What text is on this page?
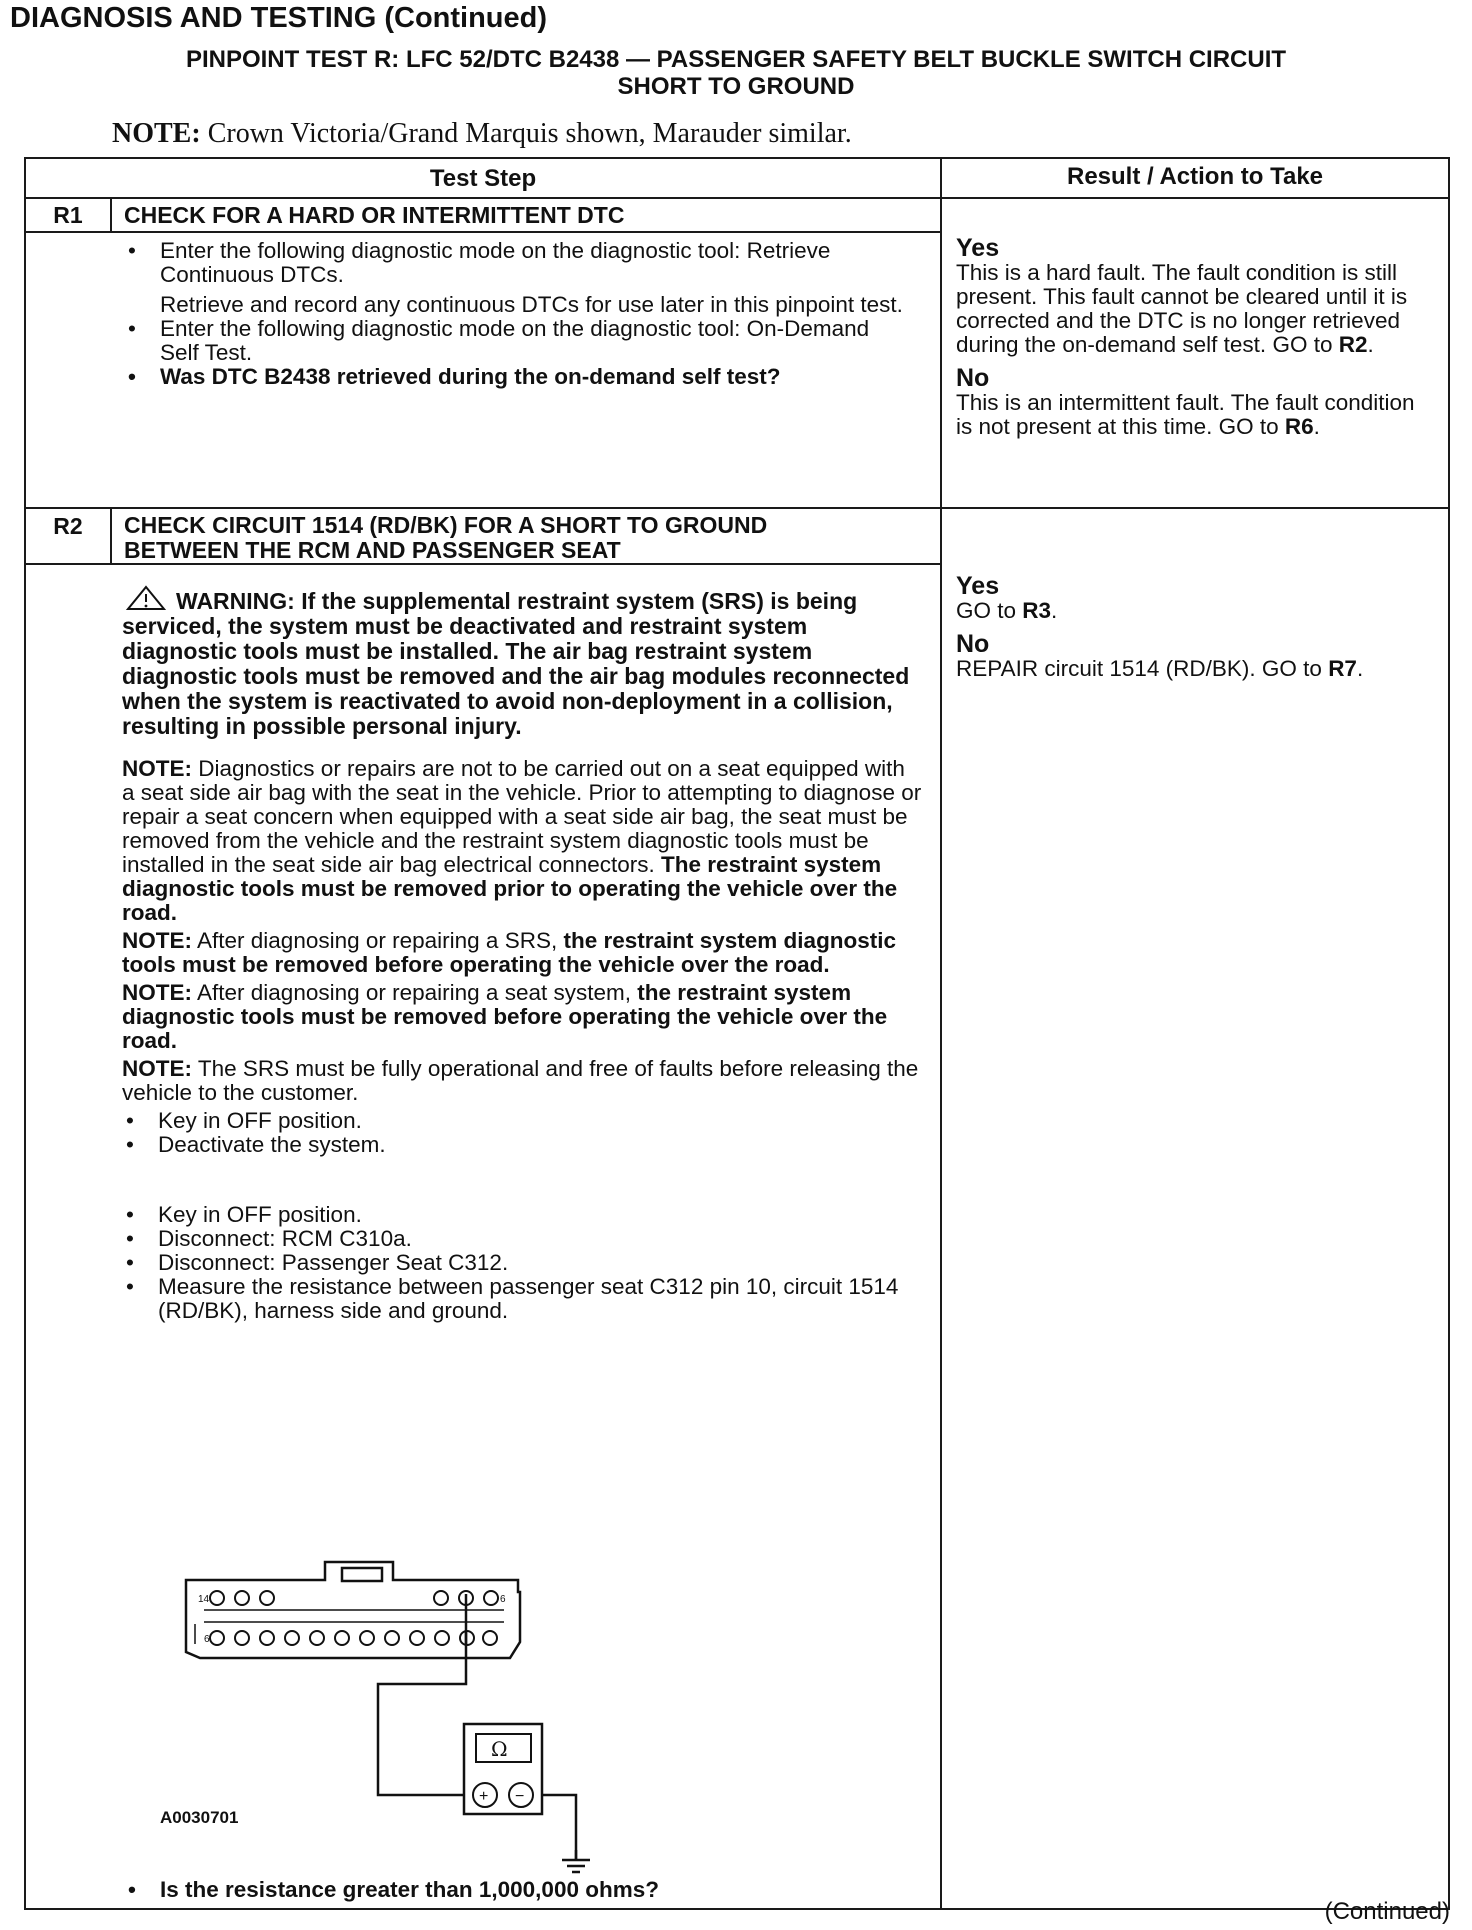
DIAGNOSIS AND TESTING (Continued)
PINPOINT TEST R: LFC 52/DTC B2438 — PASSENGER SAFETY BELT BUCKLE SWITCH CIRCUIT
SHORT TO GROUND
NOTE: Crown Victoria/Grand Marquis shown, Marauder similar.
Test Step	Result / Action to Take
R1	CHECK FOR A HARD OR INTERMITTENT DTC
• Enter the following diagnostic mode on the diagnostic tool: Retrieve Continuous DTCs.
Retrieve and record any continuous DTCs for use later in this pinpoint test.
• Enter the following diagnostic mode on the diagnostic tool: On-Demand Self Test.
• Was DTC B2438 retrieved during the on-demand self test?
Yes
This is a hard fault. The fault condition is still present. This fault cannot be cleared until it is corrected and the DTC is no longer retrieved during the on-demand self test. GO to R2.
No
This is an intermittent fault. The fault condition is not present at this time. GO to R6.
R2	CHECK CIRCUIT 1514 (RD/BK) FOR A SHORT TO GROUND
BETWEEN THE RCM AND PASSENGER SEAT
WARNING: If the supplemental restraint system (SRS) is being serviced, the system must be deactivated and restraint system diagnostic tools must be installed. The air bag restraint system diagnostic tools must be removed and the air bag modules reconnected when the system is reactivated to avoid non-deployment in a collision, resulting in possible personal injury.
NOTE: Diagnostics or repairs are not to be carried out on a seat equipped with a seat side air bag with the seat in the vehicle. Prior to attempting to diagnose or repair a seat concern when equipped with a seat side air bag, the seat must be removed from the vehicle and the restraint system diagnostic tools must be installed in the seat side air bag electrical connectors. The restraint system diagnostic tools must be removed prior to operating the vehicle over the road.
NOTE: After diagnosing or repairing a SRS, the restraint system diagnostic tools must be removed before operating the vehicle over the road.
NOTE: After diagnosing or repairing a seat system, the restraint system diagnostic tools must be removed before operating the vehicle over the road.
NOTE: The SRS must be fully operational and free of faults before releasing the vehicle to the customer.
• Key in OFF position.
• Deactivate the system.
• Key in OFF position.
• Disconnect: RCM C310a.
• Disconnect: Passenger Seat C312.
• Measure the resistance between passenger seat C312 pin 10, circuit 1514 (RD/BK), harness side and ground.
• Is the resistance greater than 1,000,000 ohms?
Yes
GO to R3.
No
REPAIR circuit 1514 (RD/BK). GO to R7.
14	6
6
Ω
+ −
A0030701
(Continued)
